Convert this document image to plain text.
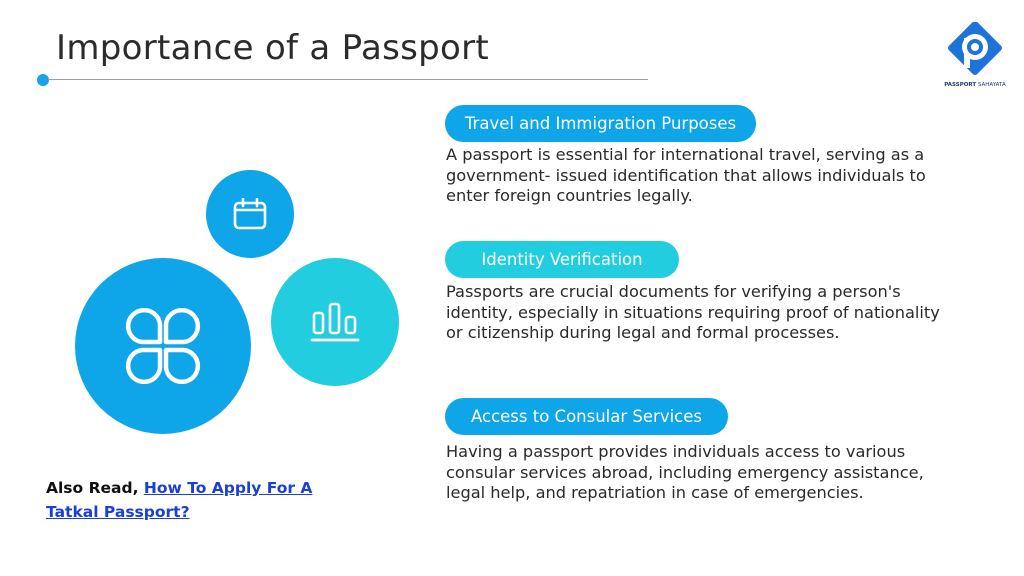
Importance of a Passport
PASSPORT SAHAYATA
Travel and Immigration Purposes

A passport is essential for international travel, serving as a government- issued identification that allows individuals to enter foreign countries legally.

Identity Verification

Passports are crucial documents for verifying a person's identity, especially in situations requiring proof of nationality or citizenship during legal and formal processes.

Access to Consular Services

Having a passport provides individuals access to various consular services abroad, including emergency assistance, legal help, and repatriation in case of emergencies.

Also Read, How To Apply For A Tatkal Passport?
